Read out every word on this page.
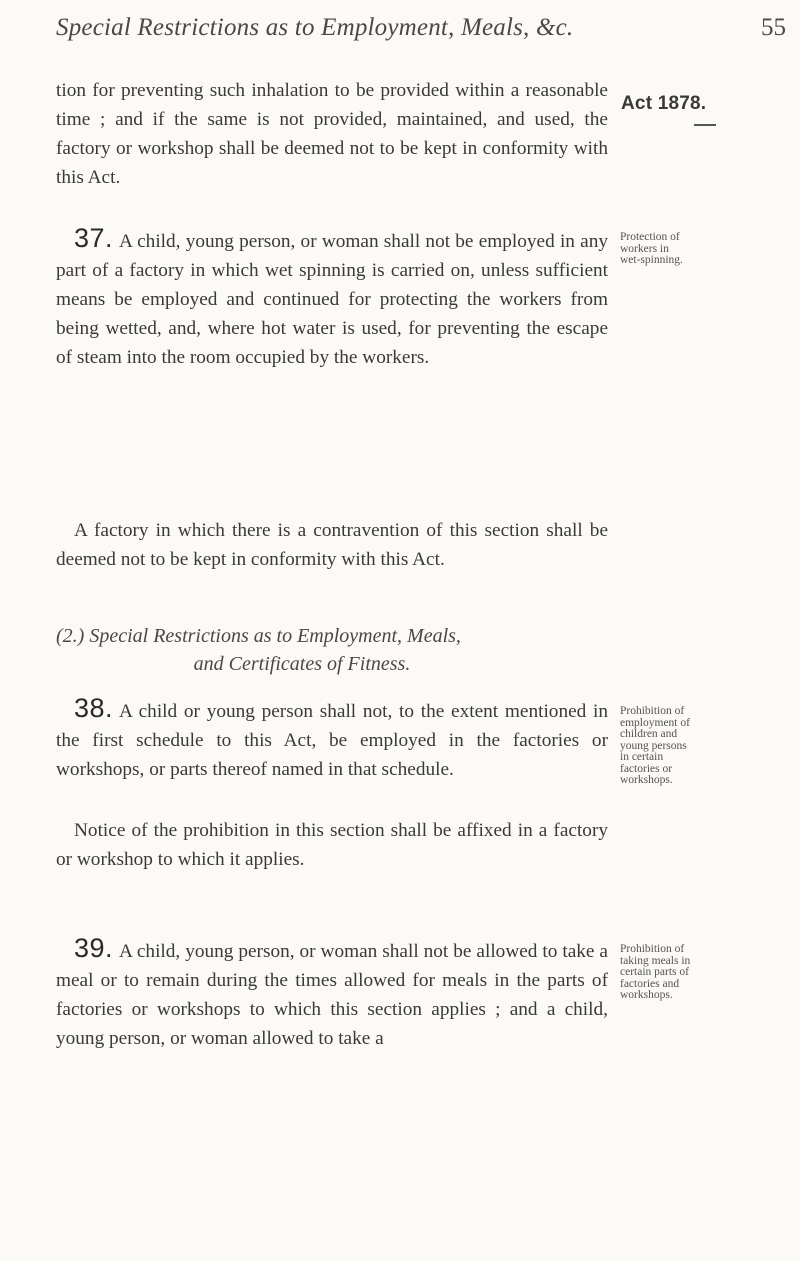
Special Restrictions as to Employment, Meals, &c.	55
Act 1878.

tion for preventing such inhalation to be provided within a reasonable time ; and if the same is not provided, maintained, and used, the factory or workshop shall be deemed not to be kept in conformity with this Act.

37. A child, young person, or woman shall not be employed in any part of a factory in which wet spinning is carried on, unless sufficient means be employed and continued for protecting the workers from being wetted, and, where hot water is used, for preventing the escape of steam into the room occupied by the workers.

Protection of workers in wet-spinning.

A factory in which there is a contravention of this section shall be deemed not to be kept in conformity with this Act.

(2.) Special Restrictions as to Employment, Meals,
and Certificates of Fitness.

38. A child or young person shall not, to the extent mentioned in the first schedule to this Act, be employed in the factories or workshops, or parts thereof named in that schedule.

Prohibition of employment of children and young persons in certain factories or workshops.

Notice of the prohibition in this section shall be affixed in a factory or workshop to which it applies.

39. A child, young person, or woman shall not be allowed to take a meal or to remain during the times allowed for meals in the parts of factories or workshops to which this section applies ; and a child, young person, or woman allowed to take a

Prohibition of taking meals in certain parts of factories and workshops.
